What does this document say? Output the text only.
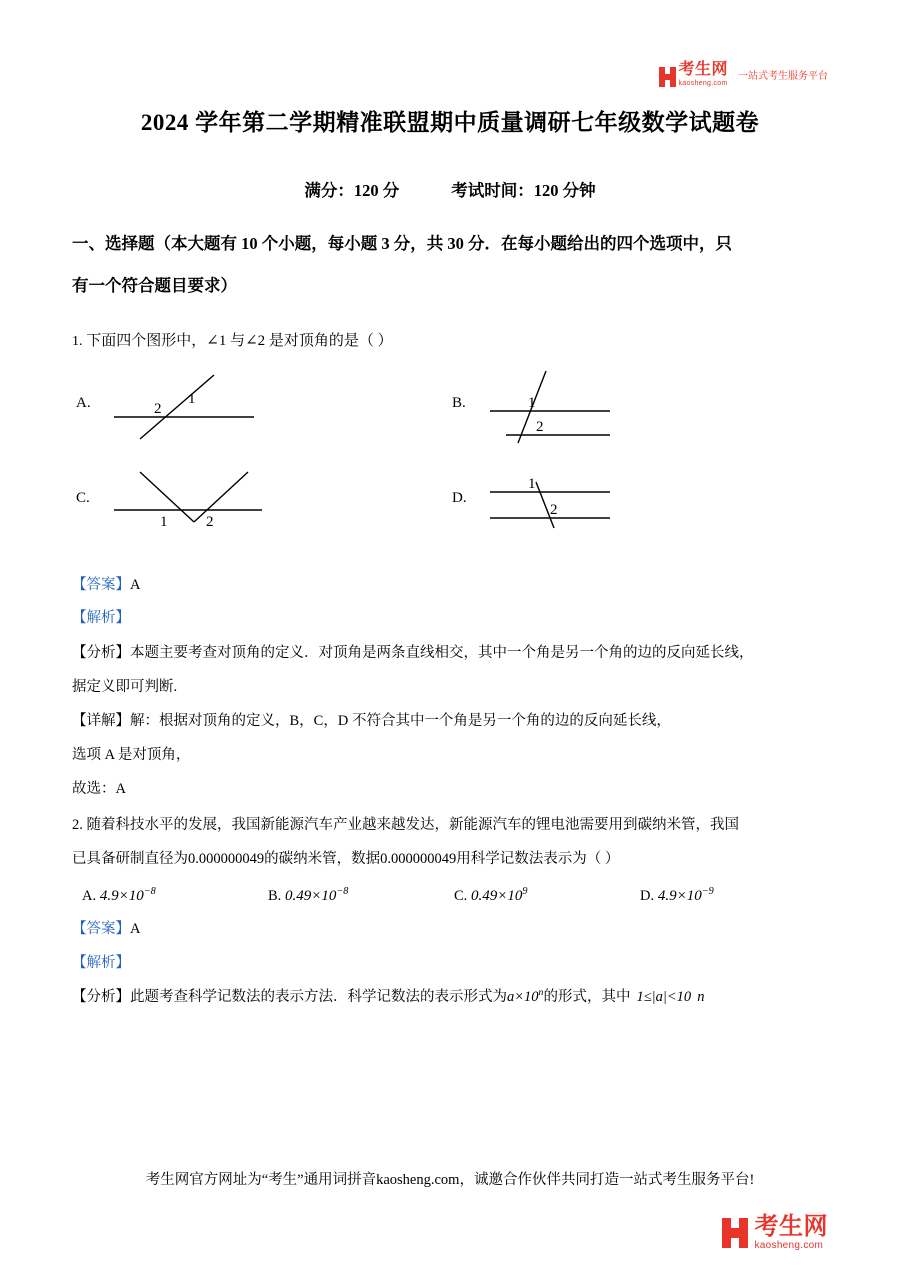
考生网
kaosheng.com
一站式考生服务平台
2024 学年第二学期精准联盟期中质量调研七年级数学试题卷
满分：120 分	考试时间：120 分钟
一、选择题（本大题有 10 个小题，每小题 3 分，共 30 分．在每小题给出的四个选项中，只
有一个符合题目要求）
1. 下面四个图形中，∠1 与∠2 是对顶角的是（ ）
A.	1
2	B.	1
2
C.
1	2
D.
1
2
【答案】A
【解析】
【分析】本题主要考查对顶角的定义．对顶角是两条直线相交，其中一个角是另一个角的边的反向延长线，
据定义即可判断.
【详解】解：根据对顶角的定义，B，C，D 不符合其中一个角是另一个角的边的反向延长线，
选项 A 是对顶角，
故选：A
2. 随着科技水平的发展，我国新能源汽车产业越来越发达，新能源汽车的锂电池需要用到碳纳米管，我国
已具备研制直径为0.000000049的碳纳米管，数据0.000000049用科学记数法表示为（ ）
A. $4.9\times 10^{-8}$	B. $0.49\times 10^{-8}$	C. $0.49\times 10^9$	D. $4.9\times 10^{-9}$
【答案】A
【解析】
【分析】此题考查科学记数法的表示方法．科学记数法的表示形式为$a\times 10^n$的形式，其中 1≤|a|<10 n
考生网官方网址为“考生”通用词拼音kaosheng.com，诚邀合作伙伴共同打造一站式考生服务平台!
考生网
kaosheng.com
